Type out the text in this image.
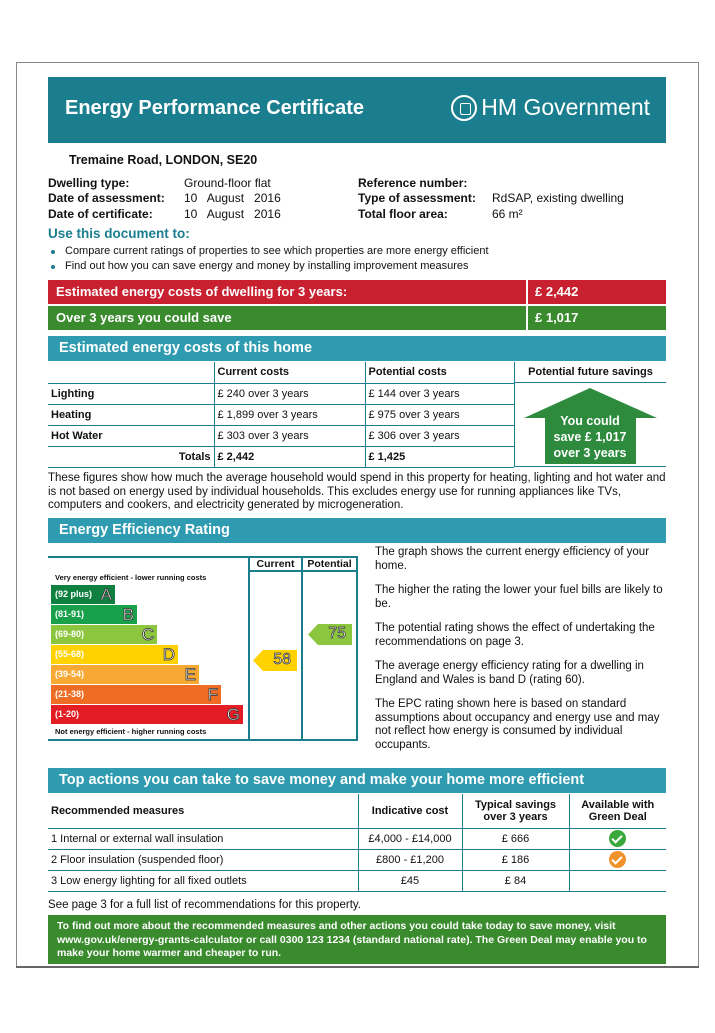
Energy Performance Certificate	HM Government
Tremaine Road, LONDON, SE20
Dwelling type:	Ground-floor flat
Date of assessment: 10   August   2016
Date of certificate:	10   August   2016
Reference number:
Type of assessment: RdSAP, existing dwelling
Total floor area:	66 m²
Use this document to:
Compare current ratings of properties to see which properties are more energy efficient
Find out how you can save energy and money by installing improvement measures
Estimated energy costs of dwelling for 3 years:	£ 2,442
Over 3 years you could save	£ 1,017
Estimated energy costs of this home
	Current costs	Potential costs
Lighting	£ 240 over 3 years	£ 144 over 3 years
Heating	£ 1,899 over 3 years	£ 975 over 3 years
Hot Water	£ 303 over 3 years	£ 306 over 3 years
Totals	£ 2,442	£ 1,425
Potential future savings
You could
save £ 1,017
over 3 years
These figures show how much the average household would spend in this property for heating, lighting and hot water and is not based on energy used by individual households. This excludes energy use for running appliances like TVs, computers and cookers, and electricity generated by microgeneration.
Energy Efficiency Rating
Current	Potential
Very energy efficient - lower running costs
Not energy efficient - higher running costs
(92 plus) A
(81-91) B
(69-80)	C
(55-68)	D
(39-54)	E
(21-38)	F
(1-20)	G
58
75

The graph shows the current energy efficiency of your home.

The higher the rating the lower your fuel bills are likely to be.

The potential rating shows the effect of undertaking the recommendations on page 3.

The average energy efficiency rating for a dwelling in England and Wales is band D (rating 60).

The EPC rating shown here is based on standard assumptions about occupancy and energy use and may not reflect how energy is consumed by individual occupants.

Top actions you can take to save money and make your home more efficient
Recommended measures	Indicative cost	Typical savings over 3 years	Available with Green Deal
1 Internal or external wall insulation	£4,000 - £14,000	£ 666	
2 Floor insulation (suspended floor)	£800 - £1,200	£ 186	
3 Low energy lighting for all fixed outlets	£45	£ 84	
See page 3 for a full list of recommendations for this property.
To find out more about the recommended measures and other actions you could take today to save money, visit www.gov.uk/energy-grants-calculator or call 0300 123 1234 (standard national rate). The Green Deal may enable you to make your home warmer and cheaper to run.
